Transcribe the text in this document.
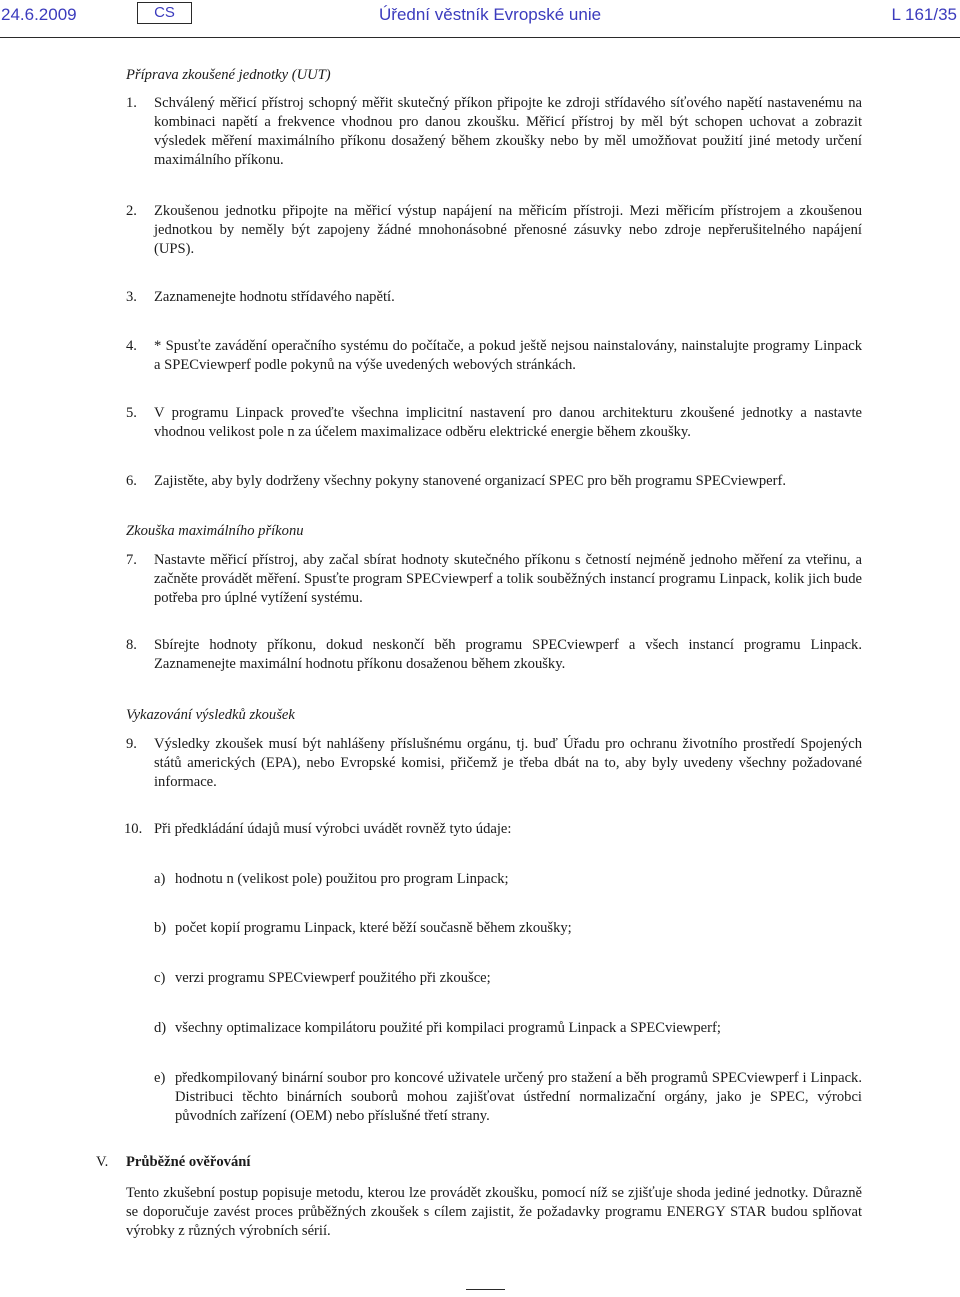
24.6.2009	CS	Úřední věstník Evropské unie	L 161/35
Příprava zkoušené jednotky (UUT)
1. Schválený měřicí přístroj schopný měřit skutečný příkon připojte ke zdroji střídavého síťového napětí nastavenému na kombinaci napětí a frekvence vhodnou pro danou zkoušku. Měřicí přístroj by měl být schopen uchovat a zobrazit výsledek měření maximálního příkonu dosažený během zkoušky nebo by měl umožňovat použití jiné metody určení maximálního příkonu.
2. Zkoušenou jednotku připojte na měřicí výstup napájení na měřicím přístroji. Mezi měřicím přístrojem a zkoušenou jednotkou by neměly být zapojeny žádné mnohonásobné přenosné zásuvky nebo zdroje nepřerušitelného napájení (UPS).
3. Zaznamenejte hodnotu střídavého napětí.
4. * Spusťte zavádění operačního systému do počítače, a pokud ještě nejsou nainstalovány, nainstalujte programy Linpack a SPECviewperf podle pokynů na výše uvedených webových stránkách.
5. V programu Linpack proveďte všechna implicitní nastavení pro danou architekturu zkoušené jednotky a nastavte vhodnou velikost pole n za účelem maximalizace odběru elektrické energie během zkoušky.
6. Zajistěte, aby byly dodrženy všechny pokyny stanovené organizací SPEC pro běh programu SPECviewperf.
Zkouška maximálního příkonu
7. Nastavte měřicí přístroj, aby začal sbírat hodnoty skutečného příkonu s četností nejméně jednoho měření za vteřinu, a začněte provádět měření. Spusťte program SPECviewperf a tolik souběžných instancí programu Linpack, kolik jich bude potřeba pro úplné vytížení systému.
8. Sbírejte hodnoty příkonu, dokud neskončí běh programu SPECviewperf a všech instancí programu Linpack. Zaznamenejte maximální hodnotu příkonu dosaženou během zkoušky.
Vykazování výsledků zkoušek
9. Výsledky zkoušek musí být nahlášeny příslušnému orgánu, tj. buď Úřadu pro ochranu životního prostředí Spojených států amerických (EPA), nebo Evropské komisi, přičemž je třeba dbát na to, aby byly uvedeny všechny požadované informace.
10. Při předkládání údajů musí výrobci uvádět rovněž tyto údaje:
a) hodnotu n (velikost pole) použitou pro program Linpack;
b) počet kopií programu Linpack, které běží současně během zkoušky;
c) verzi programu SPECviewperf použitého při zkoušce;
d) všechny optimalizace kompilátoru použité při kompilaci programů Linpack a SPECviewperf;
e) předkompilovaný binární soubor pro koncové uživatele určený pro stažení a běh programů SPECviewperf i Linpack. Distribuci těchto binárních souborů mohou zajišťovat ústřední normalizační orgány, jako je SPEC, výrobci původních zařízení (OEM) nebo příslušné třetí strany.
V. Průběžné ověřování
Tento zkušební postup popisuje metodu, kterou lze provádět zkoušku, pomocí níž se zjišťuje shoda jediné jednotky. Důrazně se doporučuje zavést proces průběžných zkoušek s cílem zajistit, že požadavky programu ENERGY STAR budou splňovat výrobky z různých výrobních sérií.
